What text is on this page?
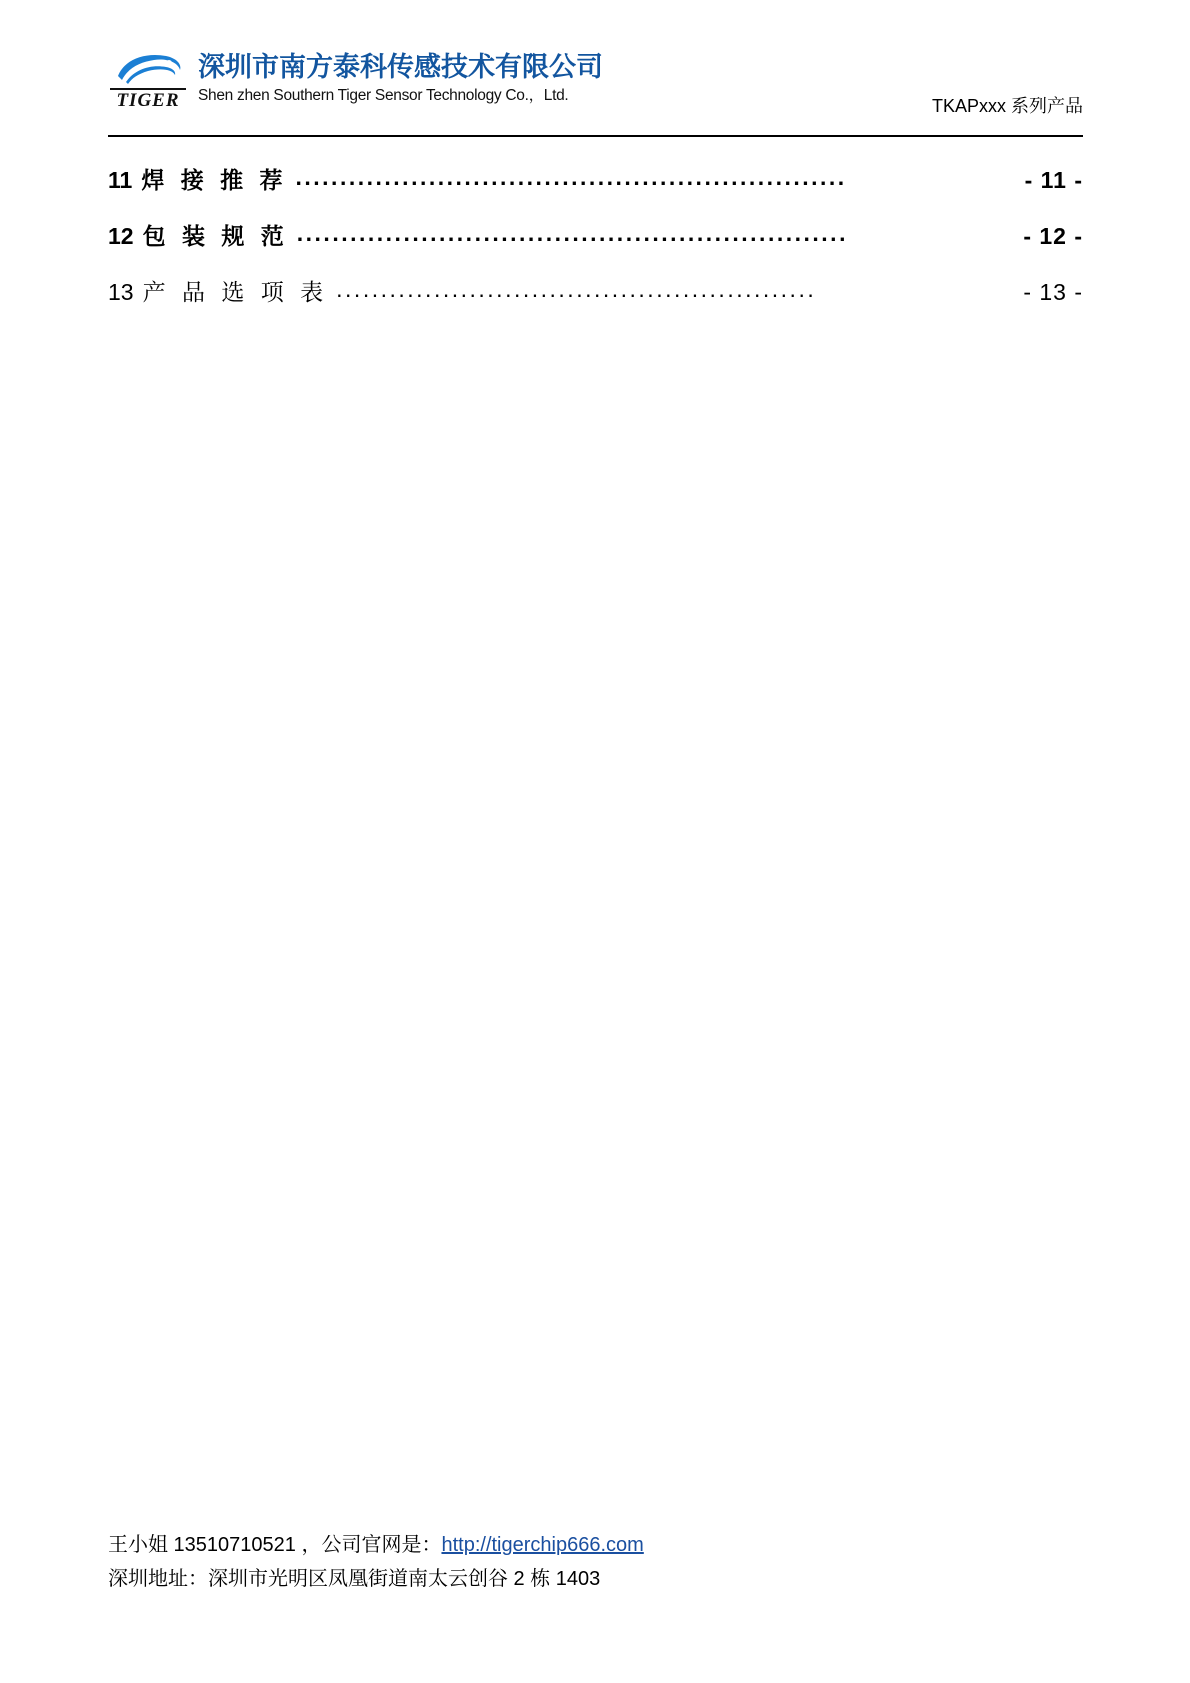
TIGER
深圳市南方泰科传感技术有限公司
Shen zhen Southern Tiger Sensor Technology Co.，Ltd.
TKAPxxx 系列产品
11 焊 接 推 荐 ..............................................................	- 11 -
12 包 装 规 范 ..............................................................	- 12 -
13 产 品 选 项 表 ......................................................	- 13 -
王小姐 13510710521 ，公司官网是：http://tigerchip666.com
深圳地址：深圳市光明区凤凰街道南太云创谷 2 栋 1403
